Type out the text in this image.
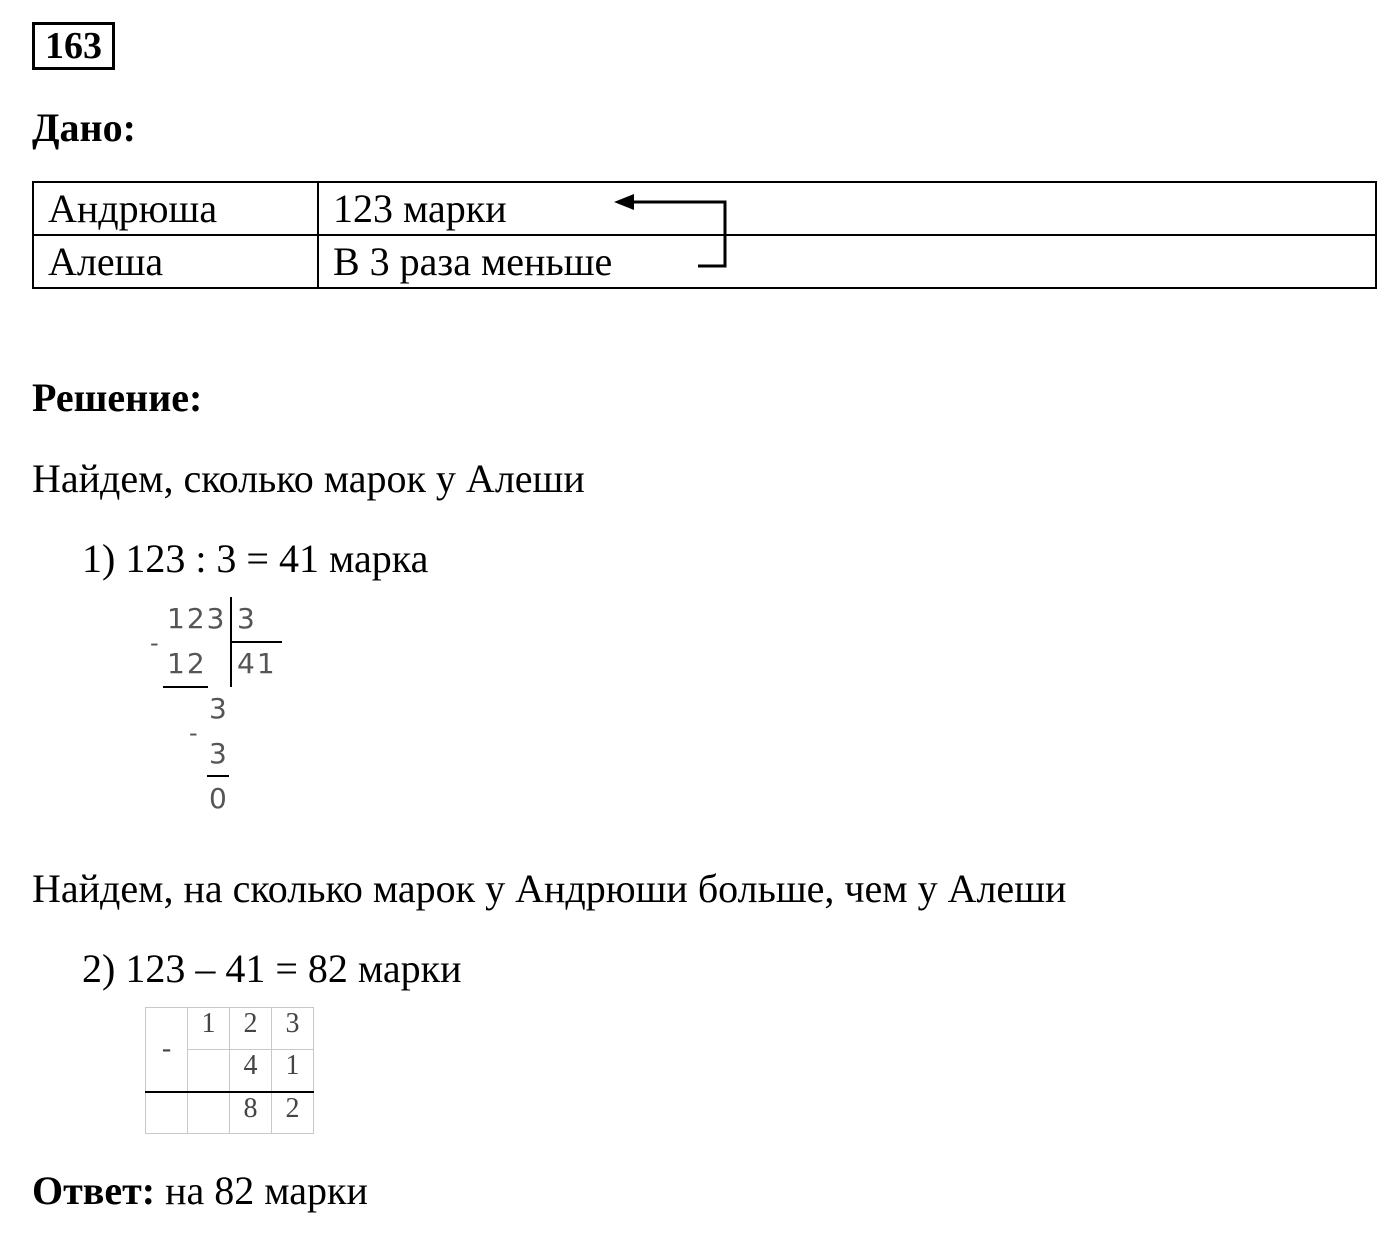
163
Дано:
Андрюша	123 марки
Алеша	В 3 раза меньше
Решение:
Найдем, сколько марок у Алеши
1) 123 : 3 = 41 марка
123 3
-
12 41
3
-
3
0
Найдем, на сколько марок у Андрюши больше, чем у Алеши
2) 123 – 41 = 82 марки
-	1	2	3
		4	1
		8	2
Ответ: на 82 марки
